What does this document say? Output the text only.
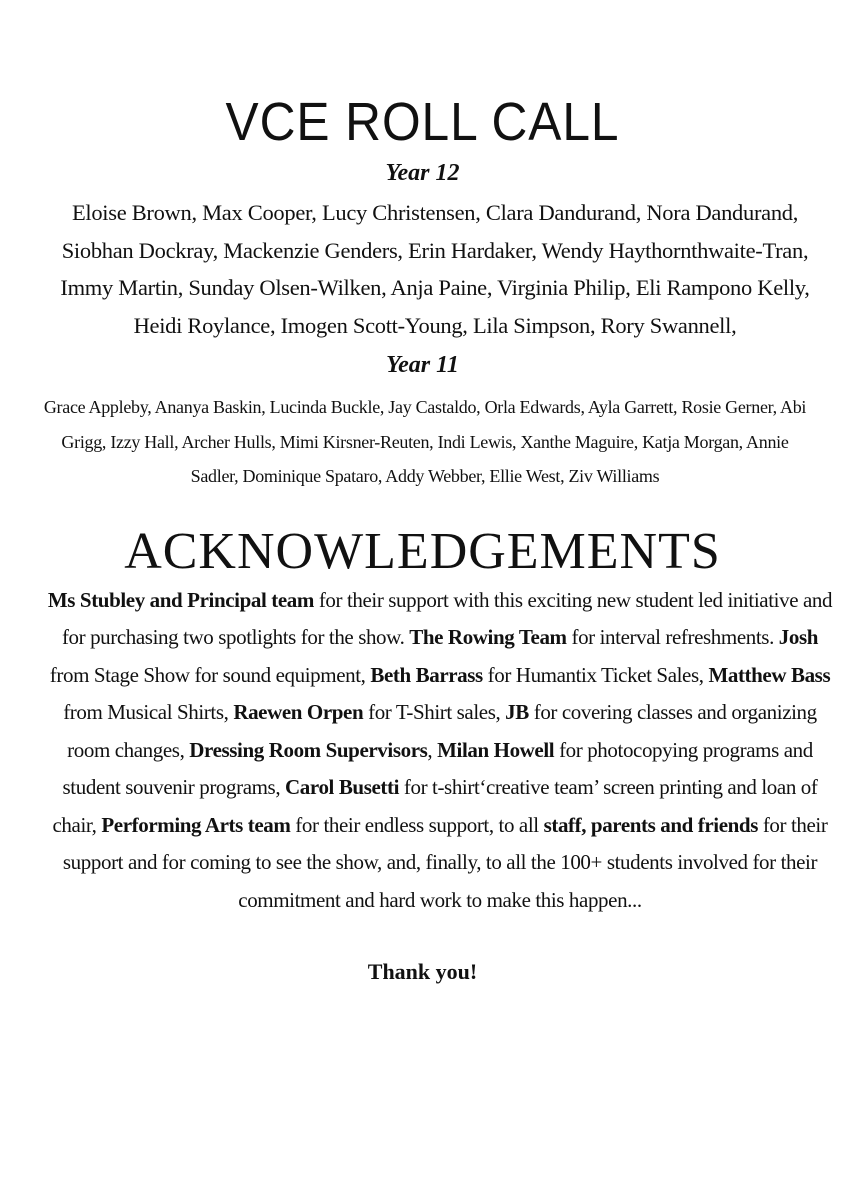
VCE ROLL CALL
Year 12

Eloise Brown, Max Cooper, Lucy Christensen, Clara Dandurand, Nora Dandurand, Siobhan Dockray, Mackenzie Genders, Erin Hardaker, Wendy Haythornthwaite-Tran, Immy Martin, Sunday Olsen-Wilken, Anja Paine, Virginia Philip, Eli Rampono Kelly, Heidi Roylance, Imogen Scott-Young, Lila Simpson, Rory Swannell,

Year 11

Grace Appleby, Ananya Baskin, Lucinda Buckle, Jay Castaldo, Orla Edwards, Ayla Garrett, Rosie Gerner, Abi Grigg, Izzy Hall, Archer Hulls, Mimi Kirsner-Reuten, Indi Lewis, Xanthe Maguire, Katja Morgan, Annie Sadler, Dominique Spataro, Addy Webber, Ellie West, Ziv Williams

ACKNOWLEDGEMENTS

Ms Stubley and Principal team for their support with this exciting new student led initiative and for purchasing two spotlights for the show. The Rowing Team for interval refreshments. Josh from Stage Show for sound equipment, Beth Barrass for Humantix Ticket Sales, Matthew Bass from Musical Shirts, Raewen Orpen for T-Shirt sales, JB for covering classes and organizing room changes, Dressing Room Supervisors, Milan Howell for photocopying programs and student souvenir programs, Carol Busetti for t-shirt‘creative team’ screen printing and loan of chair, Performing Arts team for their endless support, to all staff, parents and friends for their support and for coming to see the show, and, finally, to all the 100+ students involved for their commitment and hard work to make this happen...

Thank you!
